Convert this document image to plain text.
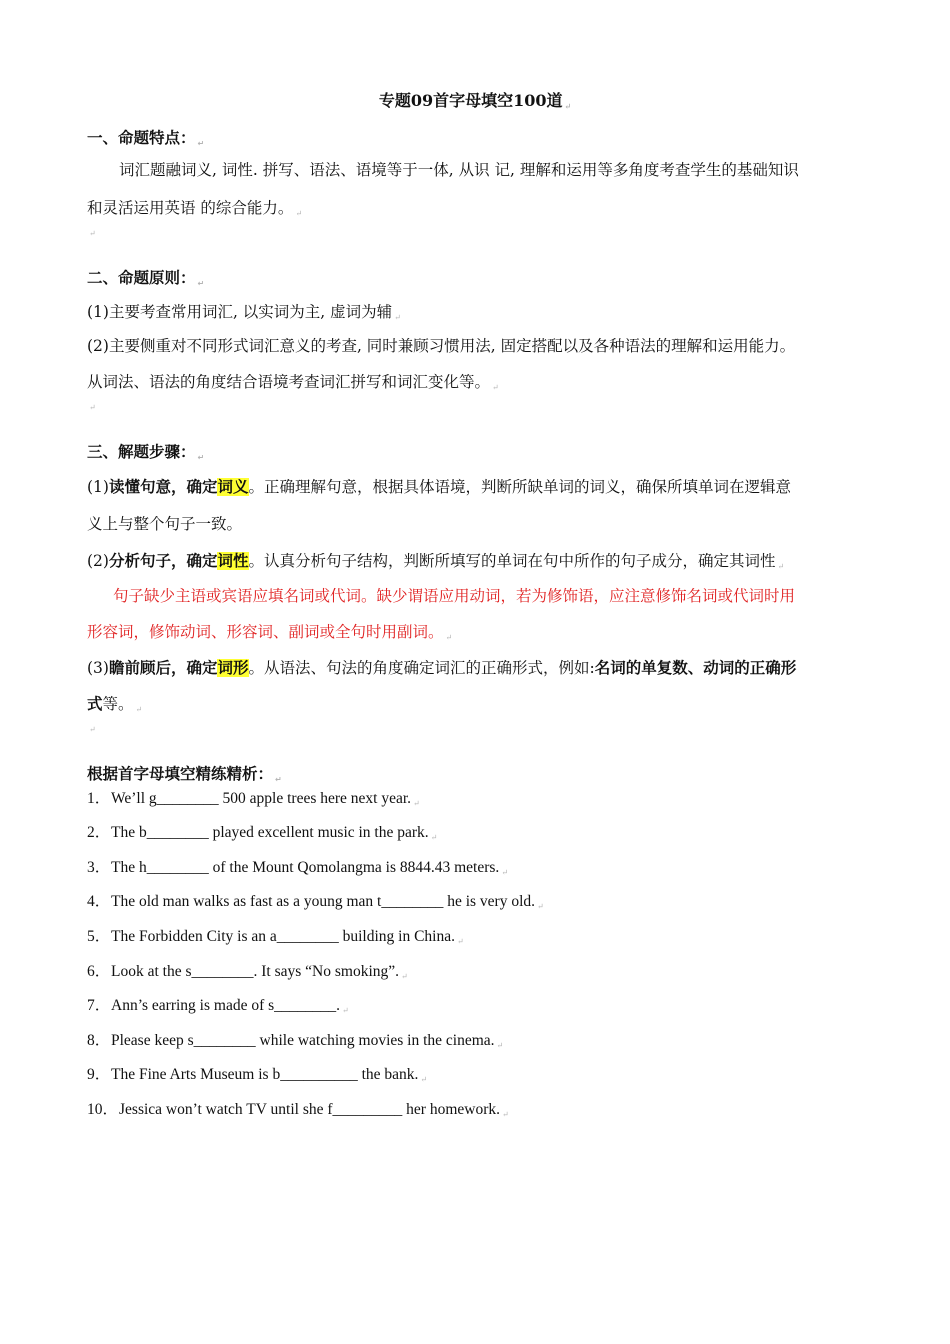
专题09首字母填空100道 ↵
一、命题特点： ↵
词汇题融词义, 词性. 拼写、语法、语境等于一体, 从识 记, 理解和运用等多角度考查学生的基础知识
和灵活运用英语 的综合能力。 ↵
↵
二、命题原则： ↵
(1)主要考查常用词汇, 以实词为主, 虚词为辅 ↵
(2)主要侧重对不同形式词汇意义的考查, 同时兼顾习惯用法, 固定搭配以及各种语法的理解和运用能力。
从词法、语法的角度结合语境考查词汇拼写和词汇变化等。 ↵
↵
三、解题步骤： ↵
(1)读懂句意，确定词义。正确理解句意，根据具体语境，判断所缺单词的词义，确保所填单词在逻辑意
义上与整个句子一致。
(2)分析句子，确定词性。认真分析句子结构，判断所填写的单词在句中所作的句子成分，确定其词性 ↵
句子缺少主语或宾语应填名词或代词。缺少谓语应用动词，若为修饰语，应注意修饰名词或代词时用
形容词，修饰动词、形容词、副词或全句时用副词。 ↵
(3)瞻前顾后，确定词形。从语法、句法的角度确定词汇的正确形式，例如:名词的单复数、动词的正确形
式等。 ↵
↵
根据首字母填空精练精析： ↵
1．We’ll g________ 500 apple trees here next year. ↵
2．The b________ played excellent music in the park. ↵
3．The h________ of the Mount Qomolangma is 8844.43 meters. ↵
4．The old man walks as fast as a young man t________ he is very old. ↵
5．The Forbidden City is an a________ building in China. ↵
6．Look at the s________. It says “No smoking”. ↵
7．Ann’s earring is made of s________. ↵
8．Please keep s________ while watching movies in the cinema. ↵
9．The Fine Arts Museum is b__________ the bank. ↵
10．Jessica won’t watch TV until she f_________ her homework. ↵
